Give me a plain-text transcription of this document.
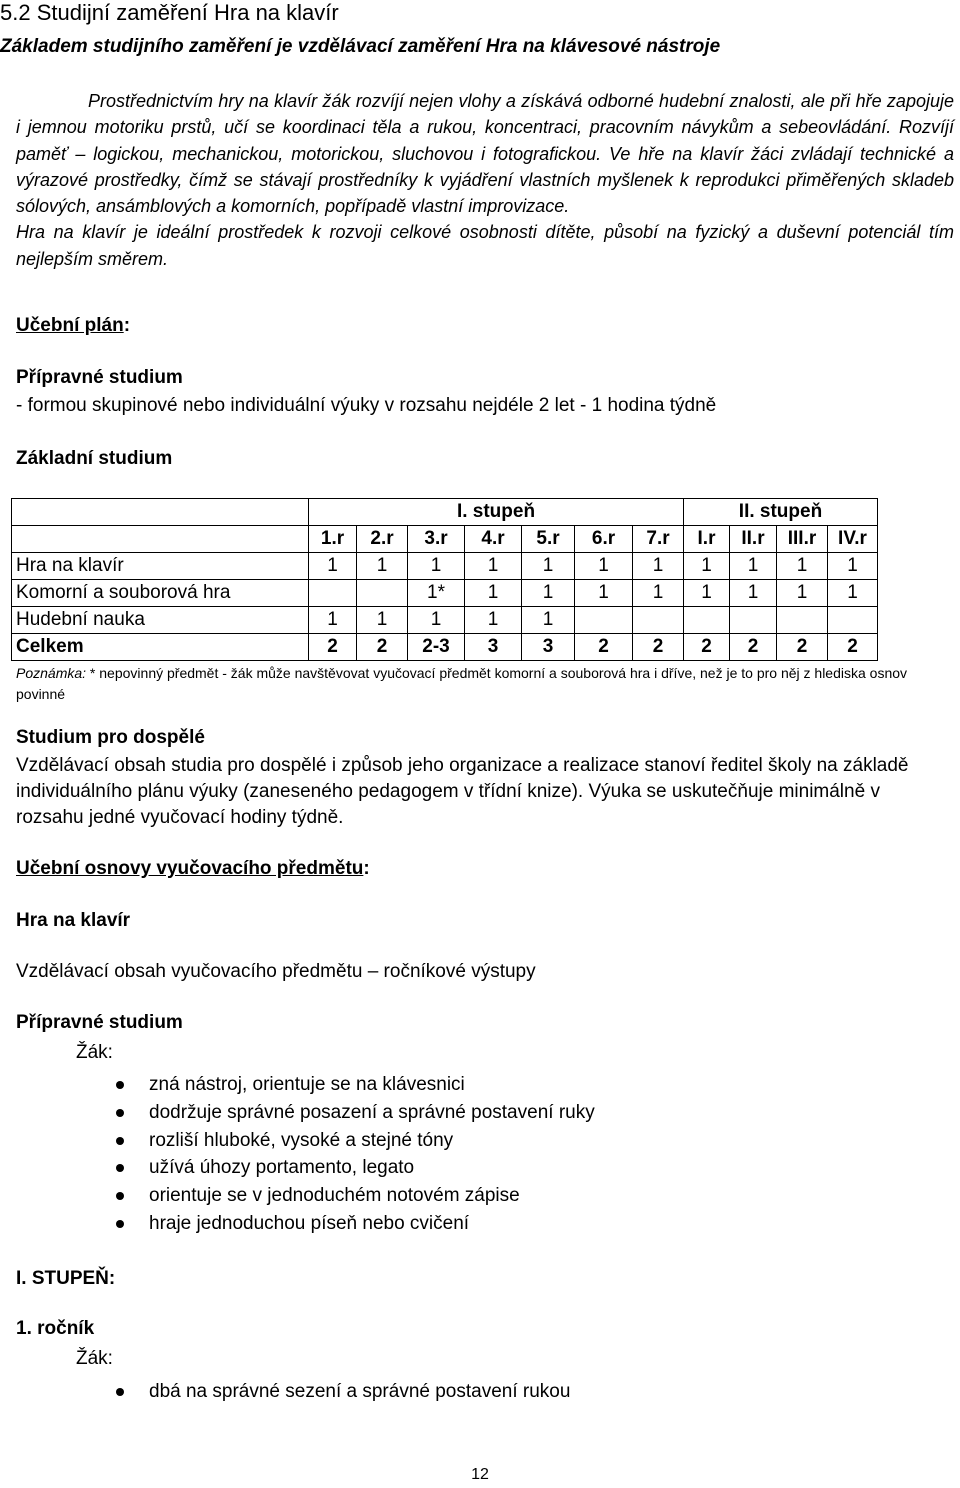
5.2 Studijní zaměření Hra na klavír
Základem studijního zaměření je vzdělávací zaměření Hra na klávesové nástroje

Prostřednictvím hry na klavír žák rozvíjí nejen vlohy a získává odborné hudební znalosti, ale při hře zapojuje i jemnou motoriku prstů, učí se koordinaci těla a rukou, koncentraci, pracovním návykům a sebeovládání. Rozvíjí paměť – logickou, mechanickou, motorickou, sluchovou i fotografickou. Ve hře na klavír žáci zvládají technické a výrazové prostředky, čímž se stávají prostředníky k vyjádření vlastních myšlenek k reprodukci přiměřených skladeb sólových, ansámblových a komorních, popřípadě vlastní improvizace.

Hra na klavír je ideální prostředek k rozvoji celkové osobnosti dítěte, působí na fyzický a duševní potenciál tím nejlepším směrem.

Učební plán:
Přípravné studium
- formou skupinové nebo individuální výuky v rozsahu nejdéle 2 let - 1 hodina týdně
Základní studium
	I. stupeň							II. stupeň			
	1.r	2.r	3.r	4.r	5.r	6.r	7.r	I.r	II.r	III.r	IV.r
Hra na klavír	1	1	1	1	1	1	1	1	1	1	1
Komorní a souborová hra			1*	1	1	1	1	1	1	1	1
Hudební nauka	1	1	1	1	1						
Celkem	2	2	2-3	3	3	2	2	2	2	2	2
Poznámka: * nepovinný předmět - žák může navštěvovat vyučovací předmět komorní a souborová hra i dříve, než je to pro něj z hlediska osnov povinné
Studium pro dospělé
Vzdělávací obsah studia pro dospělé i způsob jeho organizace a realizace stanoví ředitel školy na základě individuálního plánu výuky (zaneseného pedagogem v třídní knize). Výuka se uskutečňuje minimálně v rozsahu jedné vyučovací hodiny týdně.
Učební osnovy vyučovacího předmětu:
Hra na klavír
Vzdělávací obsah vyučovacího předmětu – ročníkové výstupy
Přípravné studium
Žák:
zná nástroj, orientuje se na klávesnici
dodržuje správné posazení a správné postavení ruky
rozliší hluboké, vysoké a stejné tóny
užívá úhozy portamento, legato
orientuje se v jednoduchém notovém zápise
hraje jednoduchou píseň nebo cvičení
I. STUPEŇ:
1. ročník
Žák:
dbá na správné sezení a správné postavení rukou
12
